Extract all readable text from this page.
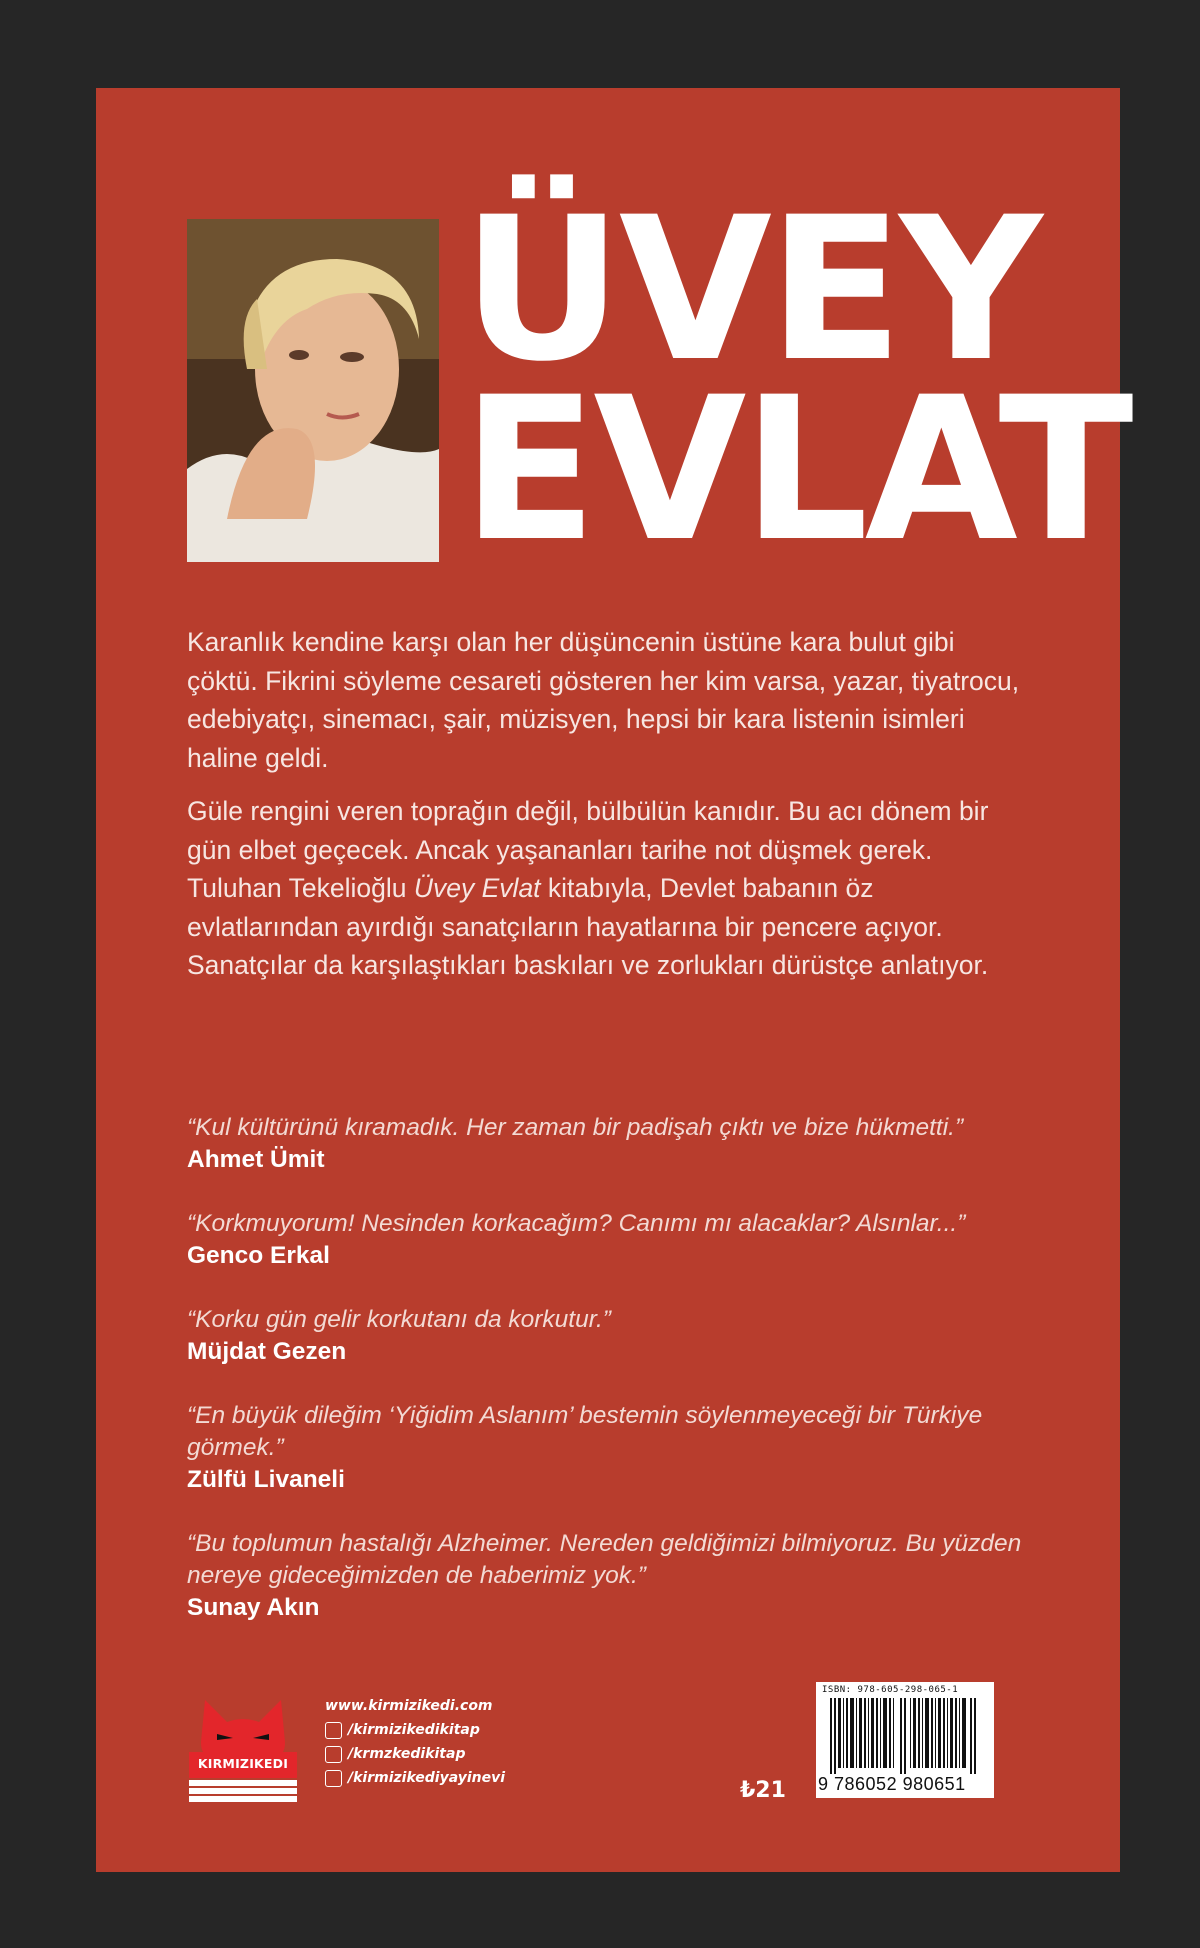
ÜVEY
EVLAT

Karanlık kendine karşı olan her düşüncenin üstüne kara bulut gibi çöktü. Fikrini söyleme cesareti gösteren her kim varsa, yazar, tiyatrocu, edebiyatçı, sinemacı, şair, müzisyen, hepsi bir kara listenin isimleri haline geldi.

Güle rengini veren toprağın değil, bülbülün kanıdır. Bu acı dönem bir gün elbet geçecek. Ancak yaşananları tarihe not düşmek gerek. Tuluhan Tekelioğlu Üvey Evlat kitabıyla, Devlet babanın öz evlatlarından ayırdığı sanatçıların hayatlarına bir pencere açıyor. Sanatçılar da karşılaştıkları baskıları ve zorlukları dürüstçe anlatıyor.

“Kul kültürünü kıramadık. Her zaman bir padişah çıktı ve bize hükmetti.”
Ahmet Ümit
“Korkmuyorum! Nesinden korkacağım? Canımı mı alacaklar? Alsınlar...”
Genco Erkal
“Korku gün gelir korkutanı da korkutur.”
Müjdat Gezen
“En büyük dileğim ‘Yiğidim Aslanım’ bestemin söylenmeyeceği bir Türkiye görmek.”
Zülfü Livaneli
“Bu toplumun hastalığı Alzheimer. Nereden geldiğimizi bilmiyoruz. Bu yüzden nereye gideceğimizden de haberimiz yok.”
Sunay Akın
KIRMIZIKEDI
www.kirmizikedi.com
/kirmizikedikitap
/krmzkedikitap
/kirmizikediyayinevi	₺21
ISBN: 978-605-298-065-1
9 786052 980651
